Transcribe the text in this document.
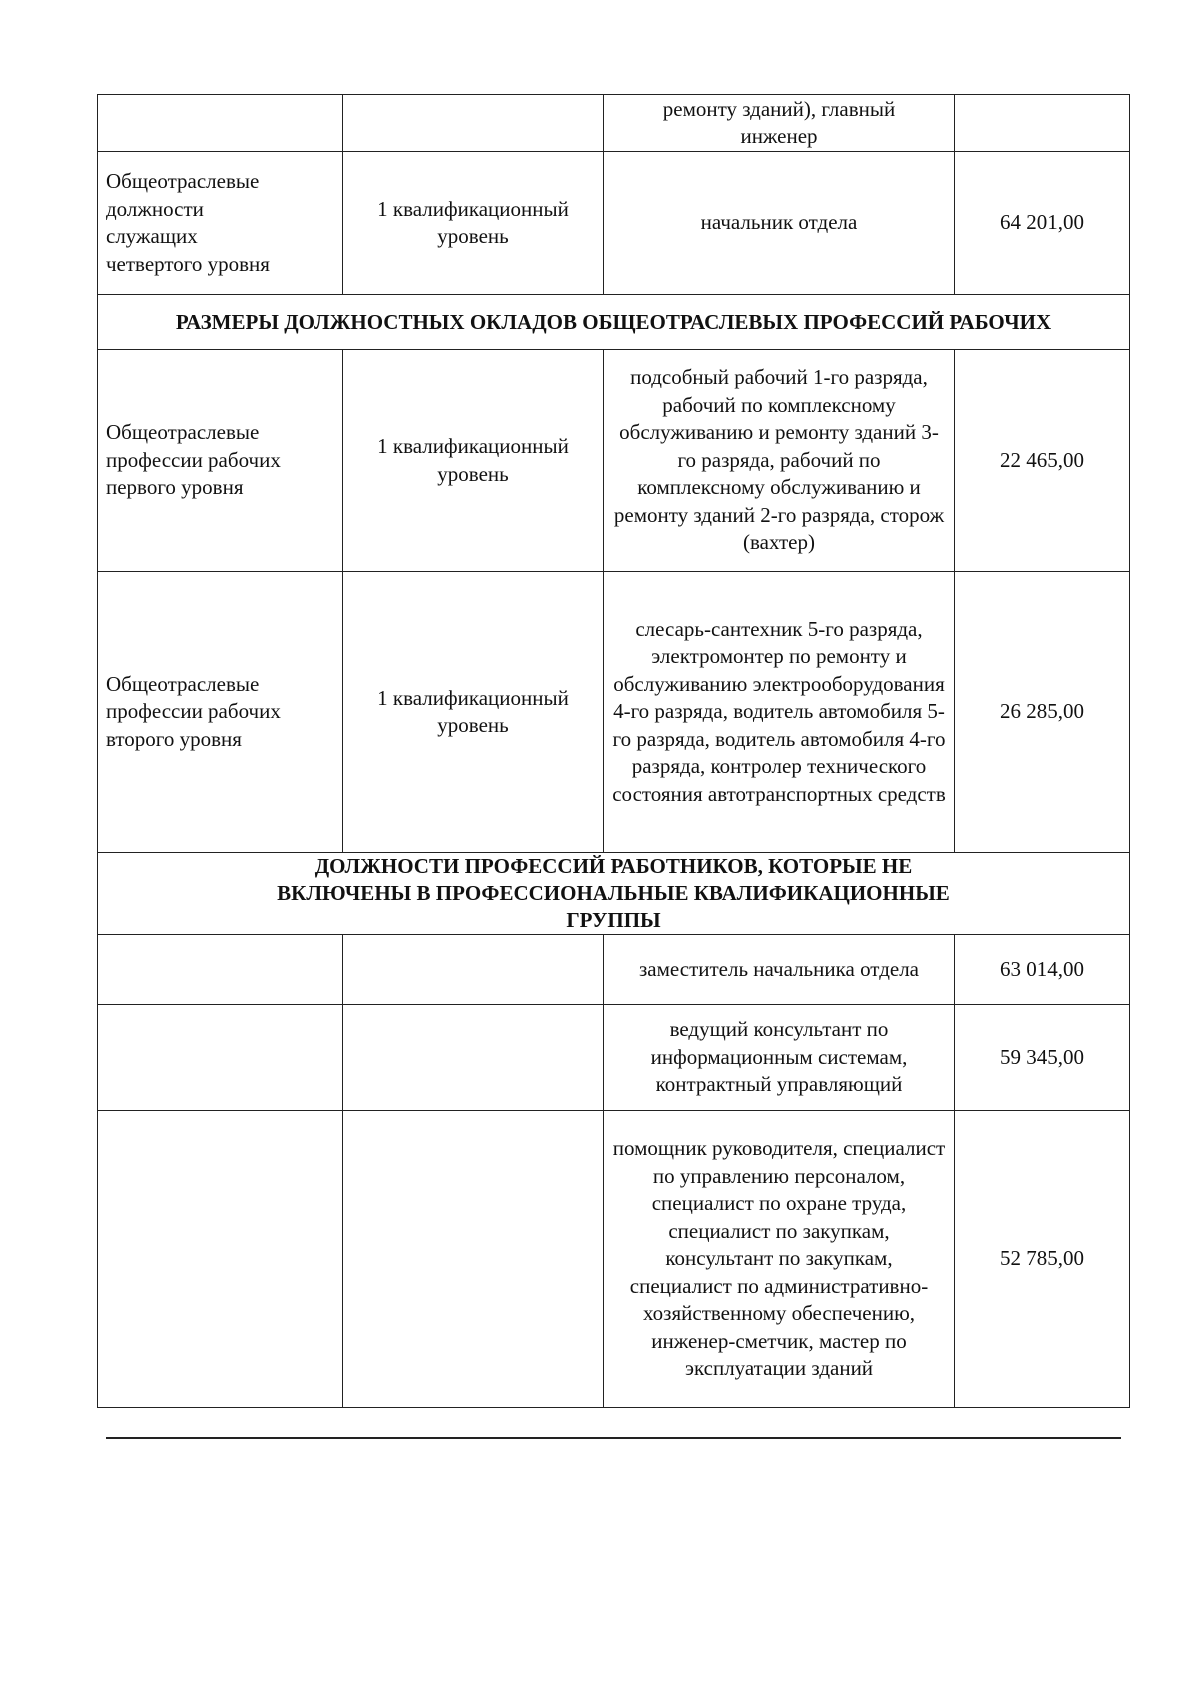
		ремонту зданий), главный инженер	
Общеотраслевые должности служащих четвертого уровня	1 квалификационный уровень	начальник отдела	64 201,00
РАЗМЕРЫ ДОЛЖНОСТНЫХ ОКЛАДОВ ОБЩЕОТРАСЛЕВЫХ ПРОФЕССИЙ РАБОЧИХ			
Общеотраслевые профессии рабочих первого уровня	1 квалификационный уровень	подсобный рабочий 1-го разряда, рабочий по комплексному обслуживанию и ремонту зданий 3-го разряда, рабочий по комплексному обслуживанию и ремонту зданий 2-го разряда, сторож (вахтер)	22 465,00
Общеотраслевые профессии рабочих второго уровня	1 квалификационный уровень	слесарь-сантехник 5-го разряда, электромонтер по ремонту и обслуживанию электрооборудования 4-го разряда, водитель автомобиля 5-го разряда, водитель автомобиля 4-го разряда, контролер технического состояния автотранспортных средств	26 285,00
ДОЛЖНОСТИ ПРОФЕССИЙ РАБОТНИКОВ, КОТОРЫЕ НЕ ВКЛЮЧЕНЫ В ПРОФЕССИОНАЛЬНЫЕ КВАЛИФИКАЦИОННЫЕ ГРУППЫ			
		заместитель начальника отдела	63 014,00
		ведущий консультант по информационным системам, контрактный управляющий	59 345,00
		помощник руководителя, специалист по управлению персоналом, специалист по охране труда, специалист по закупкам, консультант по закупкам, специалист по административно-хозяйственному обеспечению, инженер-сметчик, мастер по эксплуатации зданий	52 785,00
